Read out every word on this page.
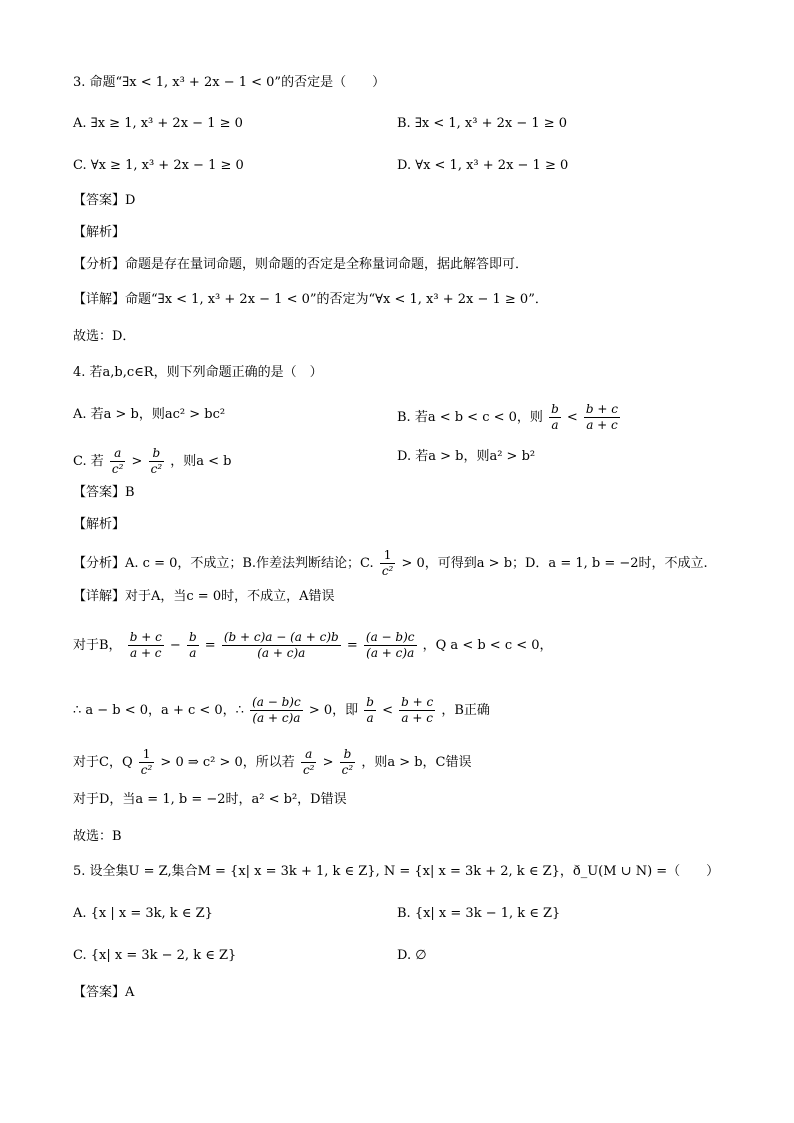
3. 命题“∃x < 1, x³ + 2x − 1 < 0”的否定是（　　）
A. ∃x ≥ 1, x³ + 2x − 1 ≥ 0	B. ∃x < 1, x³ + 2x − 1 ≥ 0
C. ∀x ≥ 1, x³ + 2x − 1 ≥ 0	D. ∀x < 1, x³ + 2x − 1 ≥ 0
【答案】D
【解析】
【分析】命题是存在量词命题，则命题的否定是全称量词命题，据此解答即可．
【详解】命题“∃x < 1, x³ + 2x − 1 < 0”的否定为“∀x < 1, x³ + 2x − 1 ≥ 0”．
故选：D．
4. 若a,b,c∈R，则下列命题正确的是（　）
A. 若a > b，则ac² > bc²	B. 若a < b < c < 0，则 $\frac{b}{a} < \frac{b + c}{a + c}$
C. 若 $\frac{a}{\text{c²}} > \frac{b}{\text{c²}}$ ，则a < b	D. 若a > b，则a² > b²
【答案】B
【解析】
【分析】A. c = 0，不成立；B.作差法判断结论；C. $\frac{1}{\text{c²}} > 0$，可得到a > b；D．a = 1, b = −2时，不成立.
【详解】对于A，当c = 0时，不成立，A错误
对于B， $\frac{b + c}{a + c} - \frac{b}{a} = \frac{(b + c)a - (a + c)b}{(a + c)a} = \frac{(a - b)c}{(a + c)a}$ ，Q a < b < c < 0，
∴ a − b < 0，a + c < 0，∴ $\frac{(a - b)c}{(a + c)a} > 0$，即 $\frac{b}{a} < \frac{b + c}{a + c}$ ，B正确
对于C，Q $\frac{1}{\text{c²}} > 0$ ⇒ c² > 0，所以若 $\frac{a}{\text{c²}} > \frac{b}{\text{c²}}$ ，则a > b，C错误
对于D，当a = 1, b = −2时，a² < b²，D错误
故选：B
5. 设全集U = Z,集合M = {x| x = 3k + 1, k ∈ Z}, N = {x| x = 3k + 2, k ∈ Z}，ð_U(M ∪ N) =（　　）
A. {x | x = 3k, k ∈ Z}	B. {x| x = 3k − 1, k ∈ Z}
C. {x| x = 3k − 2, k ∈ Z}	D. ∅
【答案】A
